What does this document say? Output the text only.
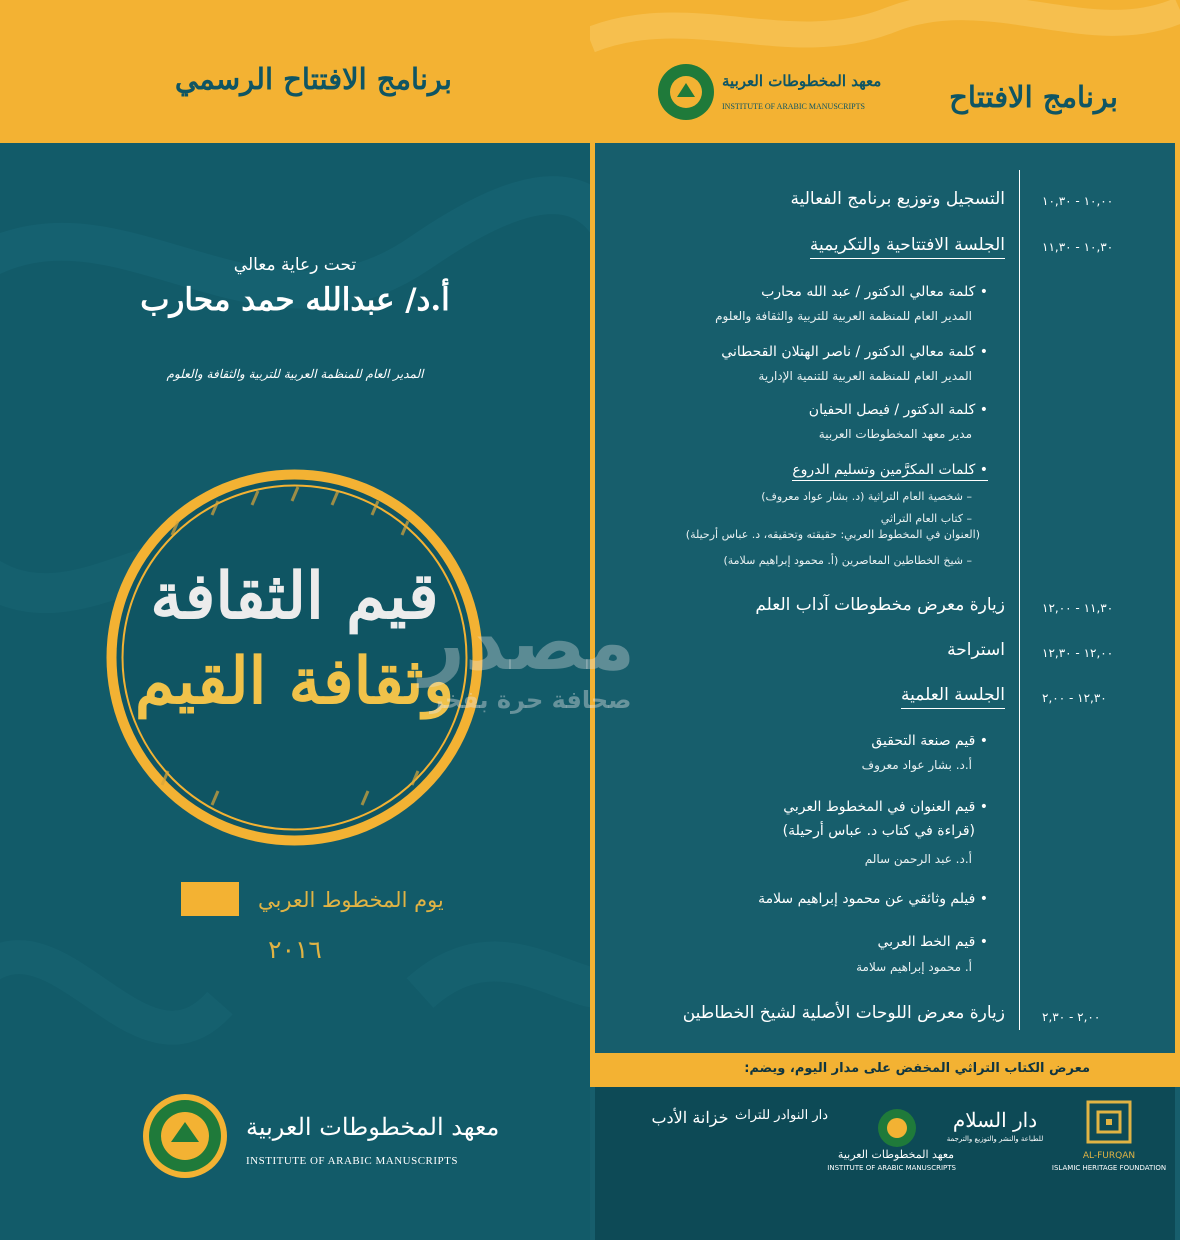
برنامج الافتتاح الرسمي
تحت رعاية معالي
أ.د/ عبدالله حمد محارب
المدير العام للمنظمة العربية للتربية والثقافة والعلوم
قيم الثقافة
وثقافة القيم
يوم المخطوط العربي
٢٠١٦
معهد المخطوطات العربية
INSTITUTE OF ARABIC MANUSCRIPTS
برنامج الافتتاح
معهد المخطوطات العربية
INSTITUTE OF ARABIC MANUSCRIPTS
١٠,٠٠ - ١٠,٣٠
التسجيل وتوزيع برنامج الفعالية
١٠,٣٠ - ١١,٣٠
الجلسة الافتتاحية والتكريمية
• كلمة معالي الدكتور / عبد الله محارب
المدير العام للمنظمة العربية للتربية والثقافة والعلوم
• كلمة معالي الدكتور / ناصر الهتلان القحطاني
المدير العام للمنظمة العربية للتنمية الإدارية
• كلمة الدكتور / فيصل الحفيان
مدير معهد المخطوطات العربية
• كلمات المكرَّمين وتسليم الدروع
– شخصية العام التراثية (د. بشار عواد معروف)
– كتاب العام التراثي
(العنوان في المخطوط العربي: حقيقته وتحقيقه، د. عباس أرحيلة)
– شيخ الخطاطين المعاصرين (أ. محمود إبراهيم سلامة)
١١,٣٠ - ١٢,٠٠
زيارة معرض مخطوطات آداب العلم
١٢,٠٠ - ١٢,٣٠
استراحة
١٢,٣٠ - ٢,٠٠
الجلسة العلمية
• قيم صنعة التحقيق
أ.د. بشار عواد معروف
• قيم العنوان في المخطوط العربي
(قراءة في كتاب د. عباس أرحيلة)
أ.د. عبد الرحمن سالم
• فيلم وثائقي عن محمود إبراهيم سلامة
• قيم الخط العربي
أ. محمود إبراهيم سلامة
٢,٠٠ - ٢,٣٠
زيارة معرض اللوحات الأصلية لشيخ الخطاطين
معرض الكتاب التراثي المخفض على مدار اليوم، ويضم:
خزانة الأدب دار النوادر للتراث
معهد المخطوطات العربية
INSTITUTE OF ARABIC MANUSCRIPTS
دار السلام
للطباعة والنشر والتوزيع والترجمة
AL-FURQAN
ISLAMIC HERITAGE FOUNDATION
مصدر
صحافة حرة بفخر
